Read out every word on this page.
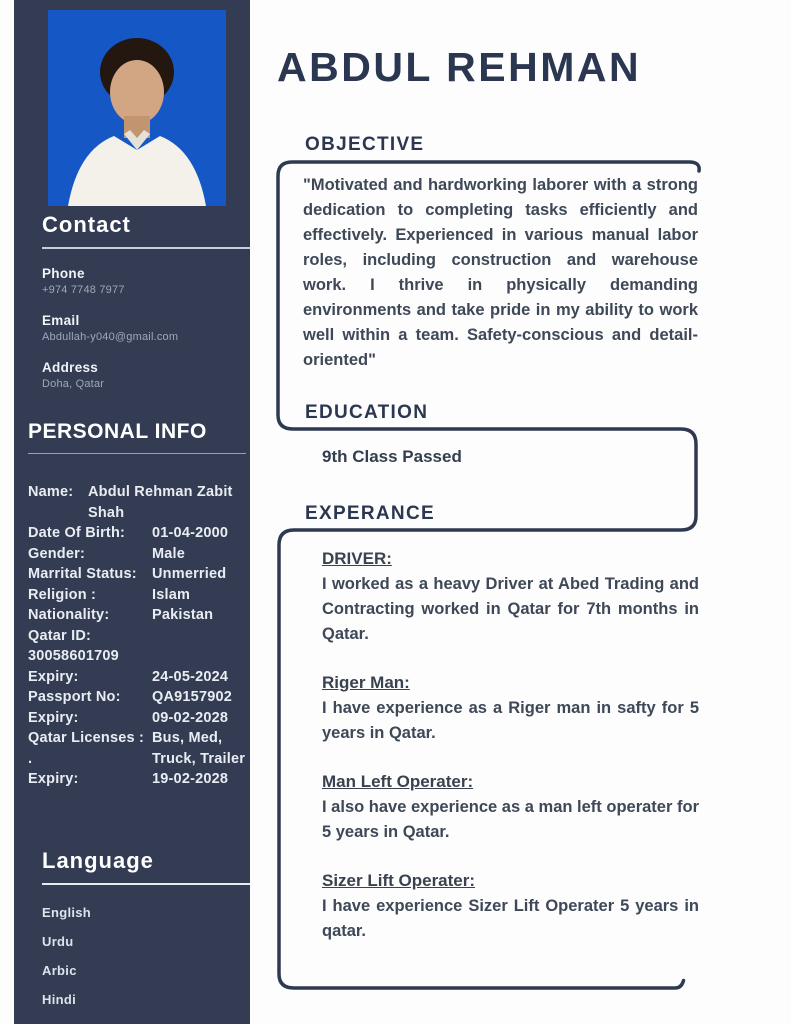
Contact
Phone
+974 7748 7977
Email
Abdullah-y040@gmail.com
Address
Doha, Qatar
PERSONAL INFO
Name:	Abdul Rehman Zabit Shah
Date Of Birth:	01-04-2000
Gender:	Male
Marrital Status:	Unmerried
Religion :	Islam
Nationality:	Pakistan
Qatar ID:
30058601709
Expiry:	24-05-2024
Passport No:	QA9157902
Expiry:	09-02-2028
Qatar Licenses : Bus, Med,
.	Truck, Trailer
Expiry:	19-02-2028
Language
English
Urdu
Arbic
Hindi
ABDUL REHMAN
OBJECTIVE
"Motivated and hardworking laborer with a strong dedication to completing tasks efficiently and effectively. Experienced in various manual labor roles, including construction and warehouse work. I thrive in physically demanding environments and take pride in my ability to work well within a team. Safety-conscious and detail-oriented"
EDUCATION
9th Class Passed
EXPERANCE
DRIVER:
I worked as a heavy Driver at Abed Trading and Contracting worked in Qatar for 7th months in Qatar.
Riger Man:
I have experience as a Riger man in safty for 5 years in Qatar.
Man Left Operater:
I also have experience as a man left operater for 5 years in Qatar.
Sizer Lift Operater:
I have experience Sizer Lift Operater 5 years in qatar.
